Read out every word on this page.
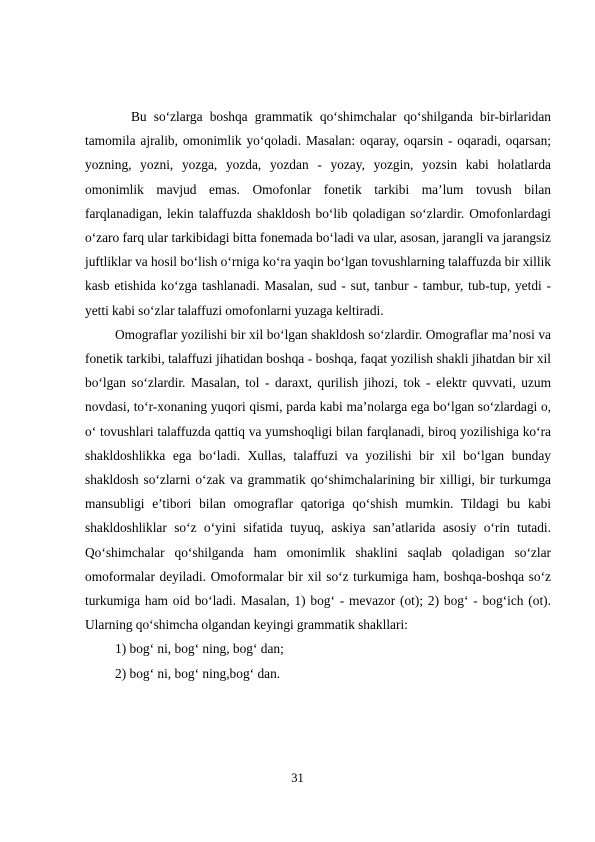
Bu so‘zlarga boshqa grammatik qo‘shimchalar qo‘shilganda bir-birlaridan tamomila ajralib, omonimlik yo‘qoladi. Masalan: oqaray, oqarsin - oqaradi, oqarsan; yozning, yozni, yozga, yozda, yozdan - yozay, yozgin, yozsin kabi holatlarda omonimlik mavjud emas. Omofonlar fonetik tarkibi ma’lum tovush bilan farqlanadigan, lekin talaffuzda shakldosh bo‘lib qoladigan so‘zlardir. Omofonlardagi o‘zaro farq ular tarkibidagi bitta fonemada bo‘ladi va ular, asosan, jarangli va jarangsiz juftliklar va hosil bo‘lish o‘rniga ko‘ra yaqin bo‘lgan tovushlarning talaffuzda bir xillik kasb etishida ko‘zga tashlanadi. Masalan, sud - sut, tanbur - tambur, tub-tup, yetdi - yetti kabi so‘zlar talaffuzi omofonlarni yuzaga keltiradi.

Omograflar yozilishi bir xil bo‘lgan shakldosh so‘zlardir. Omograflar ma’nosi va fonetik tarkibi, talaffuzi jihatidan boshqa - boshqa, faqat yozilish shakli jihatdan bir xil bo‘lgan so‘zlardir. Masalan, tol - daraxt, qurilish jihozi, tok - elektr quvvati, uzum novdasi, to‘r-xonaning yuqori qismi, parda kabi ma’nolarga ega bo‘lgan so‘zlardagi o, o‘ tovushlari talaffuzda qattiq va yumshoqligi bilan farqlanadi, biroq yozilishiga ko‘ra shakldoshlikka ega bo‘ladi. Xullas, talaffuzi va yozilishi bir xil bo‘lgan bunday shakldosh so‘zlarni o‘zak va grammatik qo‘shimchalarining bir xilligi, bir turkumga mansubligi e’tibori bilan omograflar qatoriga qo‘shish mumkin. Tildagi bu kabi shakldoshliklar so‘z o‘yini sifatida tuyuq, askiya san’atlarida asosiy o‘rin tutadi. Qo‘shimchalar qo‘shilganda ham omonimlik shaklini saqlab qoladigan so‘zlar omoformalar deyiladi. Omoformalar bir xil so‘z turkumiga ham, boshqa-boshqa so‘z turkumiga ham oid bo‘ladi. Masalan, 1) bog‘ - mevazor (ot); 2) bog‘ - bog‘ich (ot). Ularning qo‘shimcha olgandan keyingi grammatik shakllari:

1) bog‘ ni, bog‘ ning, bog‘ dan;

2) bog‘ ni, bog‘ ning,bog‘ dan.

31
